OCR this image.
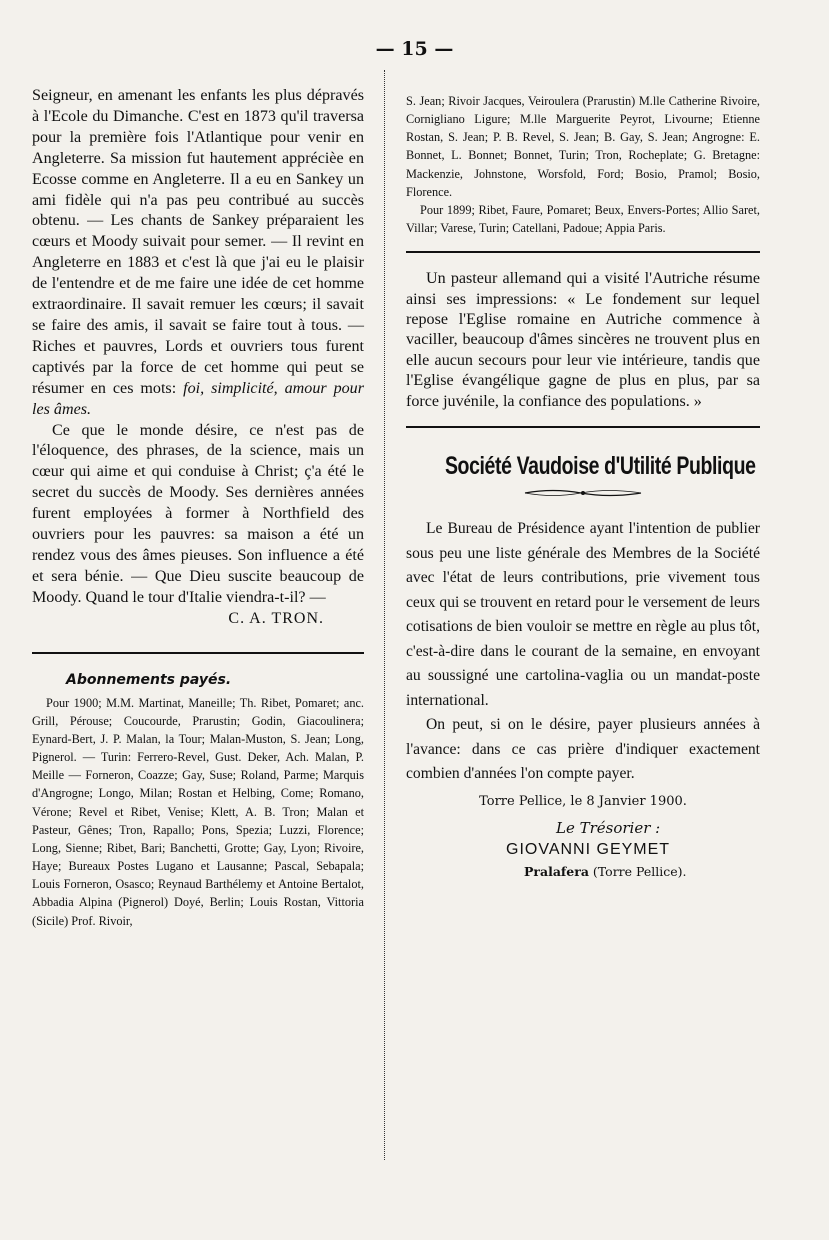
— 15 —

Seigneur, en amenant les enfants les plus dépravés à l'Ecole du Dimanche. C'est en 1873 qu'il traversa pour la première fois l'Atlantique pour venir en Angleterre. Sa mission fut hautement apprécièe en Ecosse comme en Angleterre. Il a eu en Sankey un ami fidèle qui n'a pas peu contribué au succès obtenu. — Les chants de Sankey préparaient les cœurs et Moody suivait pour semer. — Il revint en Angleterre en 1883 et c'est là que j'ai eu le plaisir de l'entendre et de me faire une idée de cet homme extraordinaire. Il savait remuer les cœurs; il savait se faire des amis, il savait se faire tout à tous. — Riches et pauvres, Lords et ouvriers tous furent captivés par la force de cet homme qui peut se résumer en ces mots: foi, simplicité, amour pour les âmes.
Ce que le monde désire, ce n'est pas de l'éloquence, des phrases, de la science, mais un cœur qui aime et qui conduise à Christ; ç'a été le secret du succès de Moody. Ses dernières années furent employées à former à Northfield des ouvriers pour les pauvres: sa maison a été un rendez vous des âmes pieuses. Son influence a été et sera bénie. — Que Dieu suscite beaucoup de Moody. Quand le tour d'Italie viendra-t-il? —

C. A. TRON.
Abonnements payés.

Pour 1900; M.M. Martinat, Maneille; Th. Ribet, Pomaret; anc. Grill, Pérouse; Coucourde, Prarustin; Godin, Giacoulinera; Eynard-Bert, J. P. Malan, la Tour; Malan-Muston, S. Jean; Long, Pignerol. — Turin: Ferrero-Revel, Gust. Deker, Ach. Malan, P. Meille — Forneron, Coazze; Gay, Suse; Roland, Parme; Marquis d'Angrogne; Longo, Milan; Rostan et Helbing, Come; Romano, Vérone; Revel et Ribet, Venise; Klett, A. B. Tron; Malan et Pasteur, Gênes; Tron, Rapallo; Pons, Spezia; Luzzi, Florence; Long, Sienne; Ribet, Bari; Banchetti, Grotte; Gay, Lyon; Rivoire, Haye; Bureaux Postes Lugano et Lausanne; Pascal, Sebapala; Louis Forneron, Osasco; Reynaud Barthélemy et Antoine Bertalot, Abbadia Alpina (Pignerol) Doyé, Berlin; Louis Rostan, Vittoria (Sicile) Prof. Rivoir,

S. Jean; Rivoir Jacques, Veiroulera (Prarustin) M.lle Catherine Rivoire, Cornigliano Ligure; M.lle Marguerite Peyrot, Livourne; Etienne Rostan, S. Jean; P. B. Revel, S. Jean; B. Gay, S. Jean; Angrogne: E. Bonnet, L. Bonnet; Bonnet, Turin; Tron, Rocheplate; G. Bretagne: Mackenzie, Johnstone, Worsfold, Ford; Bosio, Pramol; Bosio, Florence.
Pour 1899; Ribet, Faure, Pomaret; Beux, Envers-Portes; Allio Saret, Villar; Varese, Turin; Catellani, Padoue; Appia Paris.

Un pasteur allemand qui a visité l'Autriche résume ainsi ses impressions: « Le fondement sur lequel repose l'Eglise romaine en Autriche commence à vaciller, beaucoup d'âmes sincères ne trouvent plus en elle aucun secours pour leur vie intérieure, tandis que l'Eglise évangélique gagne de plus en plus, par sa force juvénile, la confiance des populations. »

Société Vaudoise d'Utilité Publique

Le Bureau de Présidence ayant l'intention de publier sous peu une liste générale des Membres de la Société avec l'état de leurs contributions, prie vivement tous ceux qui se trouvent en retard pour le versement de leurs cotisations de bien vouloir se mettre en règle au plus tôt, c'est-à-dire dans le courant de la semaine, en envoyant au soussigné une cartolina-vaglia ou un mandat-poste international.
On peut, si on le désire, payer plusieurs années à l'avance: dans ce cas prière d'indiquer exactement combien d'années l'on compte payer.

Torre Pellice, le 8 Janvier 1900.
Le Trésorier :
GIOVANNI GEYMET
Pralafera (Torre Pellice).
